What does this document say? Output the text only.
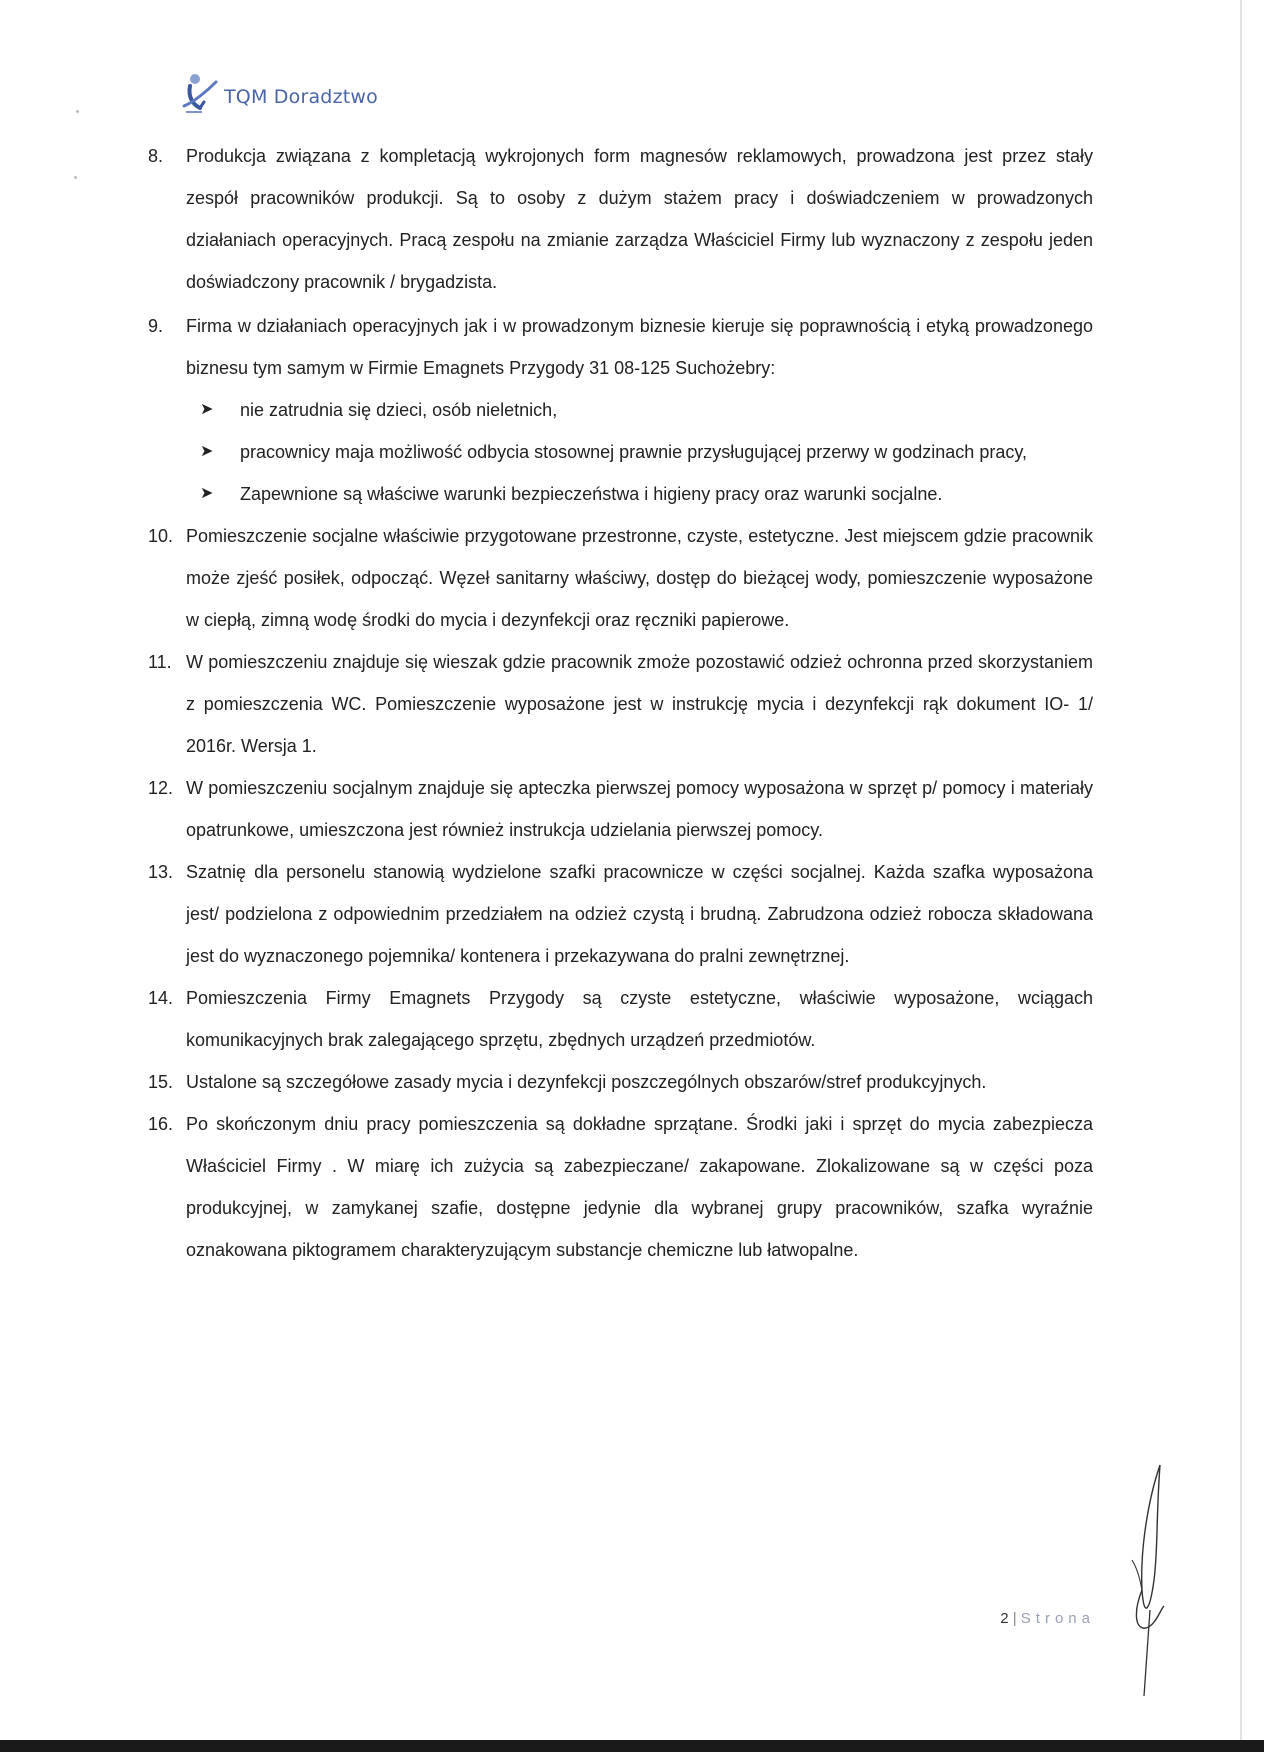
TQM Doradztwo
8.	Produkcja związana z kompletacją wykrojonych form magnesów reklamowych, prowadzona jest przez stały zespół pracowników produkcji. Są to osoby z dużym stażem pracy i doświadczeniem w prowadzonych działaniach operacyjnych. Pracą zespołu na zmianie zarządza Właściciel Firmy lub wyznaczony z zespołu jeden doświadczony pracownik / brygadzista.
9.	Firma w działaniach operacyjnych jak i w prowadzonym biznesie kieruje się poprawnością i etyką prowadzonego biznesu tym samym w Firmie Emagnets Przygody 31 08-125 Suchożebry:
➤	nie zatrudnia się dzieci, osób nieletnich,
➤	pracownicy maja możliwość odbycia stosownej prawnie przysługującej przerwy w godzinach pracy,
➤	Zapewnione są właściwe warunki bezpieczeństwa i higieny pracy oraz warunki socjalne.
10. Pomieszczenie socjalne właściwie przygotowane przestronne, czyste, estetyczne. Jest miejscem gdzie pracownik może zjeść posiłek, odpocząć. Węzeł sanitarny właściwy, dostęp do bieżącej wody, pomieszczenie wyposażone w ciepłą, zimną wodę środki do mycia i dezynfekcji oraz ręczniki papierowe.
11. W pomieszczeniu znajduje się wieszak gdzie pracownik zmoże pozostawić odzież ochronna przed skorzystaniem z pomieszczenia WC. Pomieszczenie wyposażone jest w instrukcję mycia i dezynfekcji rąk dokument IO- 1/ 2016r. Wersja 1.
12. W pomieszczeniu socjalnym znajduje się apteczka pierwszej pomocy wyposażona w sprzęt p/ pomocy i materiały opatrunkowe, umieszczona jest również instrukcja udzielania pierwszej pomocy.
13. Szatnię dla personelu stanowią wydzielone szafki pracownicze w części socjalnej. Każda szafka wyposażona jest/ podzielona z odpowiednim przedziałem na odzież czystą i brudną. Zabrudzona odzież robocza składowana jest do wyznaczonego pojemnika/ kontenera i przekazywana do pralni zewnętrznej.
14. Pomieszczenia Firmy Emagnets Przygody są czyste estetyczne, właściwie wyposażone, wciągach komunikacyjnych brak zalegającego sprzętu, zbędnych urządzeń przedmiotów.
15. Ustalone są szczegółowe zasady mycia i dezynfekcji poszczególnych obszarów/stref produkcyjnych.
16. Po skończonym dniu pracy pomieszczenia są dokładne sprzątane. Środki jaki i sprzęt do mycia zabezpiecza Właściciel Firmy . W miarę ich zużycia są zabezpieczane/ zakapowane. Zlokalizowane są w części poza produkcyjnej, w zamykanej szafie, dostępne jedynie dla wybranej grupy pracowników, szafka wyraźnie oznakowana piktogramem charakteryzującym substancje chemiczne lub łatwopalne.
2 | Strona
